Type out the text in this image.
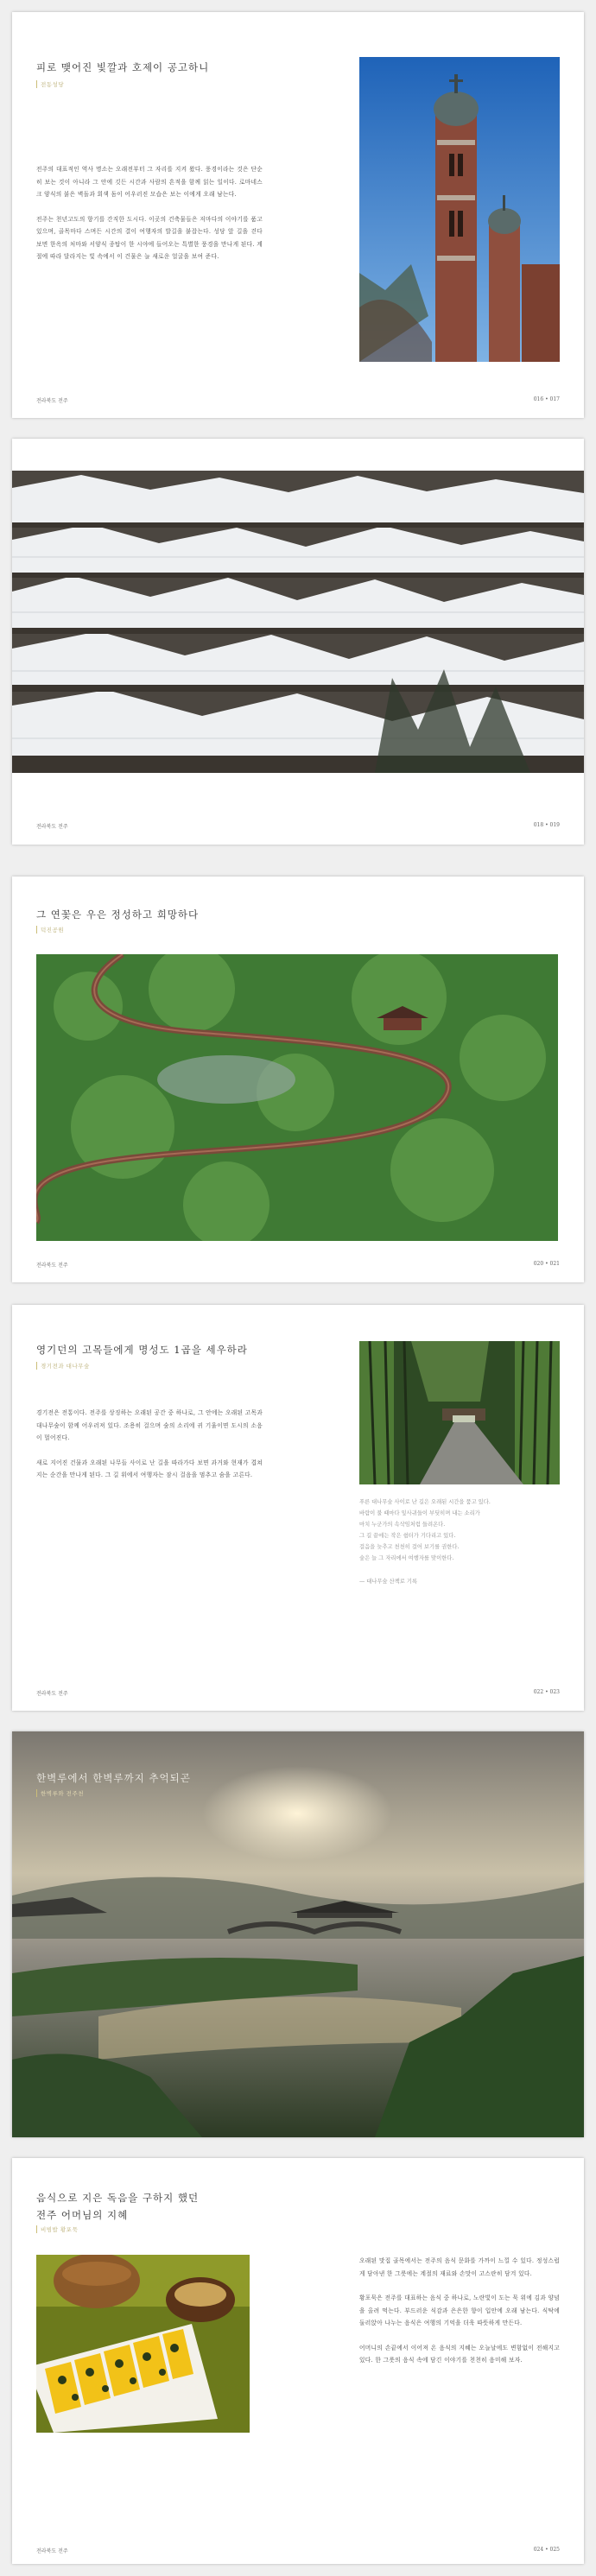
피로 맺어진 빛깔과 호제이 공고하니
전동성당

전주의 대표적인 역사 명소는 오래전부터 그 자리를 지켜 왔다. 풍경이라는 것은 단순히 보는 것이 아니라 그 안에 깃든 시간과 사람의 흔적을 함께 읽는 일이다. 로마네스크 양식의 붉은 벽돌과 회색 돔이 어우러진 모습은 보는 이에게 오래 남는다.

전주는 천년고도의 향기를 간직한 도시다. 이곳의 건축물들은 저마다의 이야기를 품고 있으며, 골목마다 스며든 시간의 결이 여행자의 발길을 붙잡는다. 성당 앞 길을 걷다 보면 한옥의 처마와 서양식 종탑이 한 시야에 들어오는 특별한 풍경을 만나게 된다. 계절에 따라 달라지는 빛 속에서 이 건물은 늘 새로운 얼굴을 보여 준다.

전라북도 전주	016 • 017
전라북도 전주	018 • 019
그 연꽃은 우은 정성하고 희망하다
덕진공원
전라북도 전주	020 • 021
영기던의 고목들에게 명성도 1곱을 세우하라
경기전과 대나무숲

경기전은 전통이다. 전주를 상징하는 오래된 공간 중 하나로, 그 안에는 오래된 고목과 대나무숲이 함께 어우러져 있다. 조용히 걸으며 숲의 소리에 귀 기울이면 도시의 소음이 멀어진다.

새로 지어진 건물과 오래된 나무들 사이로 난 길을 따라가다 보면 과거와 현재가 겹쳐지는 순간을 만나게 된다. 그 길 위에서 여행자는 잠시 걸음을 멈추고 숨을 고른다.

푸른 대나무숲 사이로 난 길은 오래된 시간을 품고 있다.

바람이 불 때마다 잎사귀들이 부딪히며 내는 소리가

마치 누군가의 속삭임처럼 들려온다.

그 길 끝에는 작은 쉼터가 기다리고 있다.

걸음을 늦추고 천천히 걸어 보기를 권한다.

숲은 늘 그 자리에서 여행자를 맞이한다.

— 대나무숲 산책로 기록

전라북도 전주	022 • 023
한벽루에서 한벽루까지 추억되곤
한벽루와 전주천
음식으로 지은 독음을 구하지 했던
전주 어머님의 지혜
비빔밥 황포묵

오래된 맛집 골목에서는 전주의 음식 문화를 가까이 느낄 수 있다. 정성스럽게 담아낸 한 그릇에는 계절의 재료와 손맛이 고스란히 담겨 있다.

황포묵은 전주를 대표하는 음식 중 하나로, 노란빛이 도는 묵 위에 김과 양념을 올려 먹는다. 부드러운 식감과 은은한 향이 입안에 오래 남는다. 식탁에 둘러앉아 나누는 음식은 여행의 기억을 더욱 따뜻하게 만든다.

어머니의 손끝에서 이어져 온 음식의 지혜는 오늘날에도 변함없이 전해지고 있다. 한 그릇의 음식 속에 담긴 이야기를 천천히 음미해 보자.

전라북도 전주	024 • 025
